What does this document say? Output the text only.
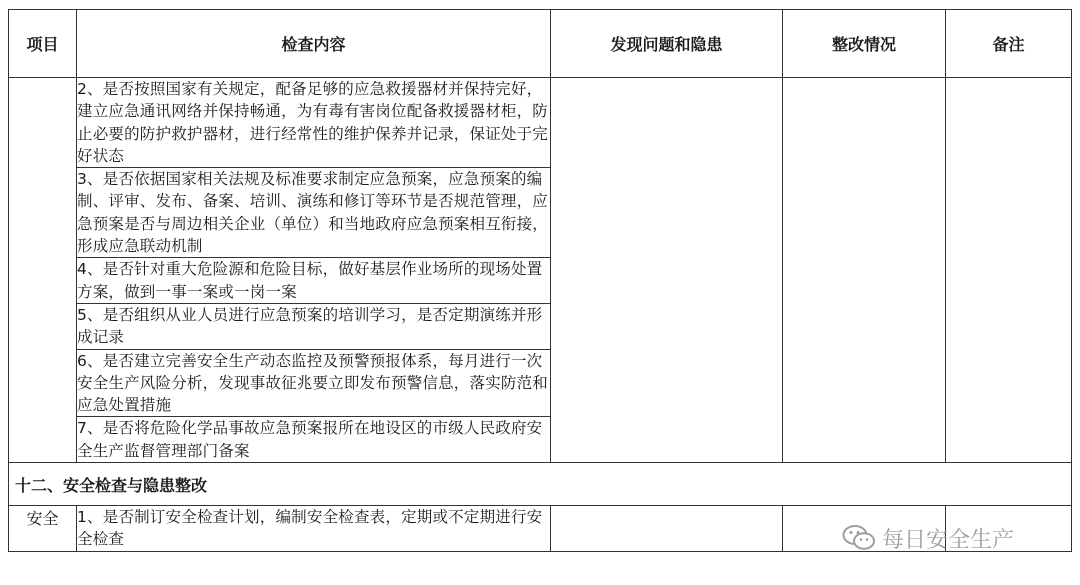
项目	检查内容	发现问题和隐患	整改情况	备注
	2、是否按照国家有关规定，配备足够的应急救援器材并保持完好，建立应急通讯网络并保持畅通，为有毒有害岗位配备救援器材柜，防止必要的防护救护器材，进行经常性的维护保养并记录，保证处于完好状态			
	3、是否依据国家相关法规及标准要求制定应急预案，应急预案的编制、评审、发布、备案、培训、演练和修订等环节是否规范管理，应急预案是否与周边相关企业（单位）和当地政府应急预案相互衔接，形成应急联动机制			
	4、是否针对重大危险源和危险目标，做好基层作业场所的现场处置方案，做到一事一案或一岗一案			
	5、是否组织从业人员进行应急预案的培训学习，是否定期演练并形成记录			
	6、是否建立完善安全生产动态监控及预警预报体系，每月进行一次安全生产风险分析，发现事故征兆要立即发布预警信息，落实防范和应急处置措施			
	7、是否将危险化学品事故应急预案报所在地设区的市级人民政府安全生产监督管理部门备案			
十二、安全检查与隐患整改				
安全	1、是否制订安全检查计划，编制安全检查表，定期或不定期进行安全检查				每日安全生产
